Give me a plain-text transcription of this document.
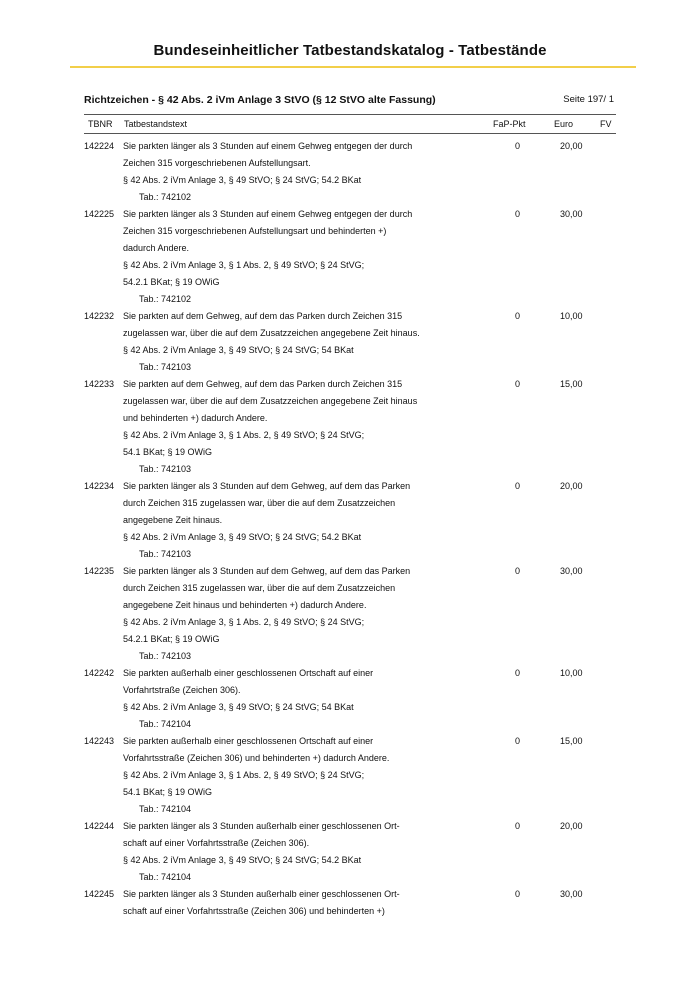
Bundeseinheitlicher Tatbestandskatalog - Tatbestände
Richtzeichen - § 42 Abs. 2 iVm Anlage 3 StVO (§ 12 StVO alte Fassung)	Seite 197/ 1
TBNR Tatbestandstext	FaP-Pkt	Euro	FV
142224	0	20,00
Sie parkten länger als 3 Stunden auf einem Gehweg entgegen der durch
Zeichen 315 vorgeschriebenen Aufstellungsart.
§ 42 Abs. 2 iVm Anlage 3, § 49 StVO; § 24 StVG; 54.2 BKat
Tab.: 742102
142225	0	30,00
Sie parkten länger als 3 Stunden auf einem Gehweg entgegen der durch
Zeichen 315 vorgeschriebenen Aufstellungsart und behinderten +)
dadurch Andere.
§ 42 Abs. 2 iVm Anlage 3, § 1 Abs. 2, § 49 StVO; § 24 StVG;
54.2.1 BKat; § 19 OWiG
Tab.: 742102
142232	0	10,00
Sie parkten auf dem Gehweg, auf dem das Parken durch Zeichen 315
zugelassen war, über die auf dem Zusatzzeichen angegebene Zeit hinaus.
§ 42 Abs. 2 iVm Anlage 3, § 49 StVO; § 24 StVG; 54 BKat
Tab.: 742103
142233	0	15,00
Sie parkten auf dem Gehweg, auf dem das Parken durch Zeichen 315
zugelassen war, über die auf dem Zusatzzeichen angegebene Zeit hinaus
und behinderten +) dadurch Andere.
§ 42 Abs. 2 iVm Anlage 3, § 1 Abs. 2, § 49 StVO; § 24 StVG;
54.1 BKat; § 19 OWiG
Tab.: 742103
142234	0	20,00
Sie parkten länger als 3 Stunden auf dem Gehweg, auf dem das Parken
durch Zeichen 315 zugelassen war, über die auf dem Zusatzzeichen
angegebene Zeit hinaus.
§ 42 Abs. 2 iVm Anlage 3, § 49 StVO; § 24 StVG; 54.2 BKat
Tab.: 742103
142235	0	30,00
Sie parkten länger als 3 Stunden auf dem Gehweg, auf dem das Parken
durch Zeichen 315 zugelassen war, über die auf dem Zusatzzeichen
angegebene Zeit hinaus und behinderten +) dadurch Andere.
§ 42 Abs. 2 iVm Anlage 3, § 1 Abs. 2, § 49 StVO; § 24 StVG;
54.2.1 BKat; § 19 OWiG
Tab.: 742103
142242	0	10,00
Sie parkten außerhalb einer geschlossenen Ortschaft auf einer
Vorfahrtstraße (Zeichen 306).
§ 42 Abs. 2 iVm Anlage 3, § 49 StVO; § 24 StVG; 54 BKat
Tab.: 742104
142243	0	15,00
Sie parkten außerhalb einer geschlossenen Ortschaft auf einer
Vorfahrtsstraße (Zeichen 306) und behinderten +) dadurch Andere.
§ 42 Abs. 2 iVm Anlage 3, § 1 Abs. 2, § 49 StVO; § 24 StVG;
54.1 BKat; § 19 OWiG
Tab.: 742104
142244	0	20,00
Sie parkten länger als 3 Stunden außerhalb einer geschlossenen Ort-
schaft auf einer Vorfahrtsstraße (Zeichen 306).
§ 42 Abs. 2 iVm Anlage 3, § 49 StVO; § 24 StVG; 54.2 BKat
Tab.: 742104
142245	0	30,00
Sie parkten länger als 3 Stunden außerhalb einer geschlossenen Ort-
schaft auf einer Vorfahrtsstraße (Zeichen 306) und behinderten +)
